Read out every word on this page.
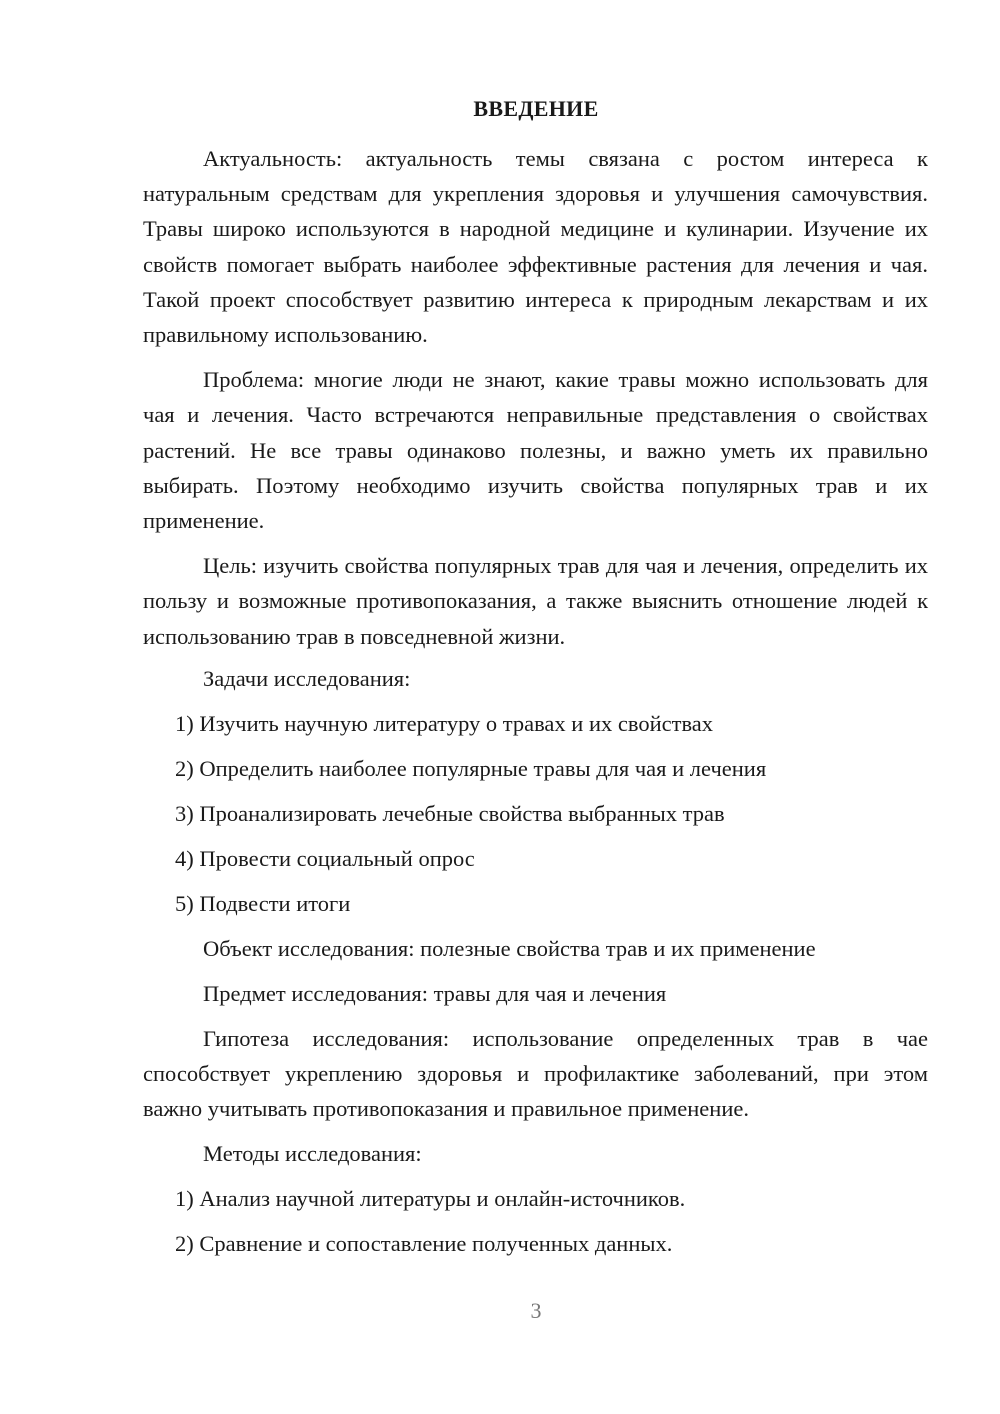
ВВЕДЕНИЕ

Актуальность: актуальность темы связана с ростом интереса к натуральным средствам для укрепления здоровья и улучшения самочувствия. Травы широко используются в народной медицине и кулинарии. Изучение их свойств помогает выбрать наиболее эффективные растения для лечения и чая. Такой проект способствует развитию интереса к природным лекарствам и их правильному использованию.

Проблема: многие люди не знают, какие травы можно использовать для чая и лечения. Часто встречаются неправильные представления о свойствах растений. Не все травы одинаково полезны, и важно уметь их правильно выбирать. Поэтому необходимо изучить свойства популярных трав и их применение.

Цель: изучить свойства популярных трав для чая и лечения, определить их пользу и возможные противопоказания, а также выяснить отношение людей к использованию трав в повседневной жизни.

Задачи исследования:

1) Изучить научную литературу о травах и их свойствах

2) Определить наиболее популярные травы для чая и лечения

3) Проанализировать лечебные свойства выбранных трав

4) Провести социальный опрос

5) Подвести итоги

Объект исследования: полезные свойства трав и их применение

Предмет исследования: травы для чая и лечения

Гипотеза исследования: использование определенных трав в чае способствует укреплению здоровья и профилактике заболеваний, при этом важно учитывать противопоказания и правильное применение.

Методы исследования:

1) Анализ научной литературы и онлайн-источников.

2) Сравнение и сопоставление полученных данных.

3
